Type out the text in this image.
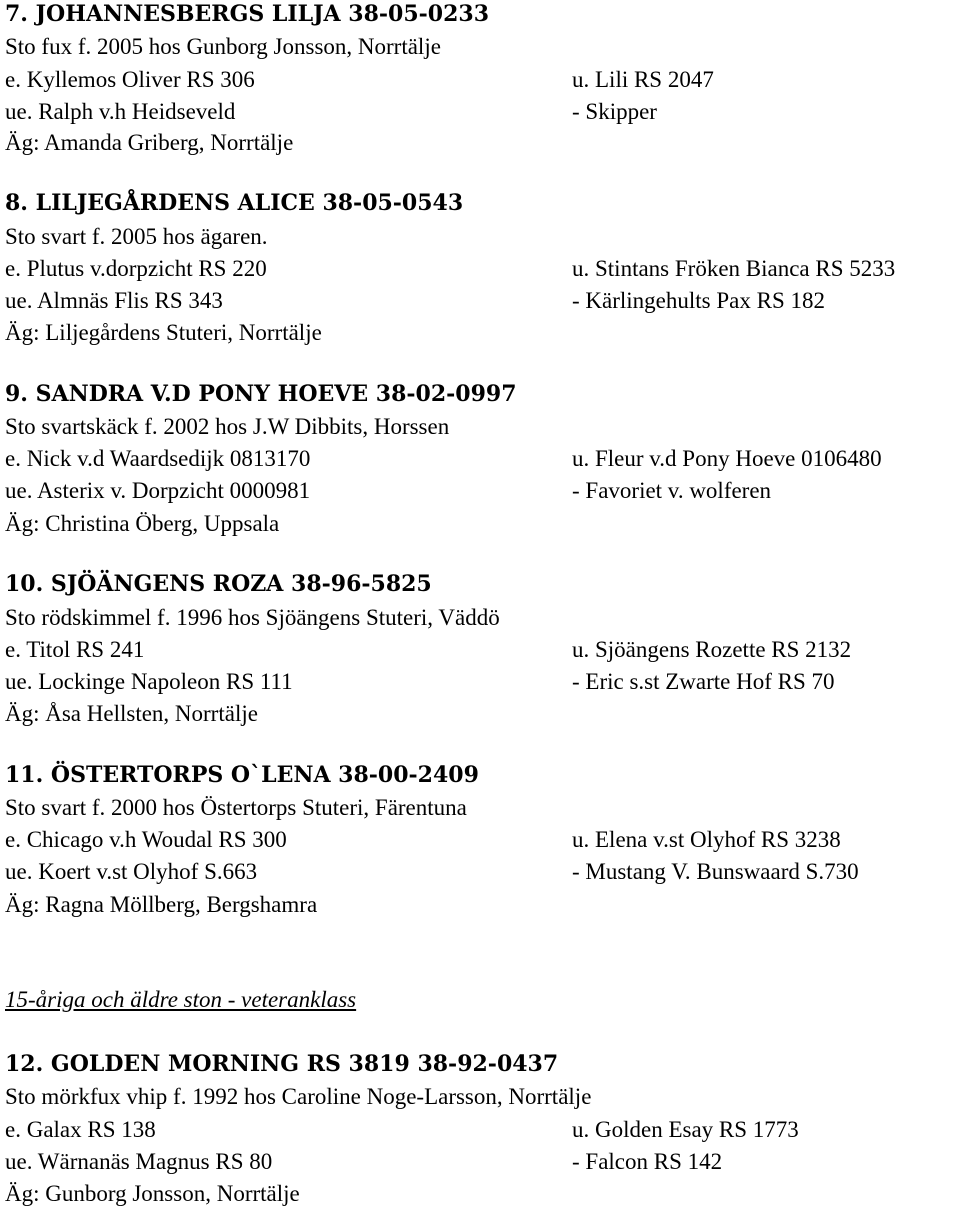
7. JOHANNESBERGS LILJA 38-05-0233
Sto fux f. 2005 hos Gunborg Jonsson, Norrtälje
e. Kyllemos Oliver RS 306	u. Lili RS 2047
ue. Ralph v.h Heidseveld	- Skipper
Äg: Amanda Griberg, Norrtälje
8. LILJEGÅRDENS ALICE 38-05-0543
Sto svart f. 2005 hos ägaren.
e. Plutus v.dorpzicht RS 220	u. Stintans Fröken Bianca RS 5233
ue. Almnäs Flis RS 343	- Kärlingehults Pax RS 182
Äg: Liljegårdens Stuteri, Norrtälje
9. SANDRA V.D PONY HOEVE 38-02-0997
Sto svartskäck f. 2002 hos J.W Dibbits, Horssen
e. Nick v.d Waardsedijk 0813170	u. Fleur v.d Pony Hoeve 0106480
ue. Asterix v. Dorpzicht 0000981	- Favoriet v. wolferen
Äg: Christina Öberg, Uppsala
10. SJÖÄNGENS ROZA 38-96-5825
Sto rödskimmel f. 1996 hos Sjöängens Stuteri, Väddö
e. Titol RS 241	u. Sjöängens Rozette RS 2132
ue. Lockinge Napoleon RS 111	- Eric s.st Zwarte Hof RS 70
Äg: Åsa Hellsten, Norrtälje
11. ÖSTERTORPS O`LENA 38-00-2409
Sto svart f. 2000 hos Östertorps Stuteri, Färentuna
e. Chicago v.h Woudal RS 300	u. Elena v.st Olyhof RS 3238
ue. Koert v.st Olyhof S.663	- Mustang V. Bunswaard S.730
Äg: Ragna Möllberg, Bergshamra
15-åriga och äldre ston - veteranklass
12. GOLDEN MORNING RS 3819 38-92-0437
Sto mörkfux vhip f. 1992 hos Caroline Noge-Larsson, Norrtälje
e. Galax RS 138	u. Golden Esay RS 1773
ue. Wärnanäs Magnus RS 80	- Falcon RS 142
Äg: Gunborg Jonsson, Norrtälje
